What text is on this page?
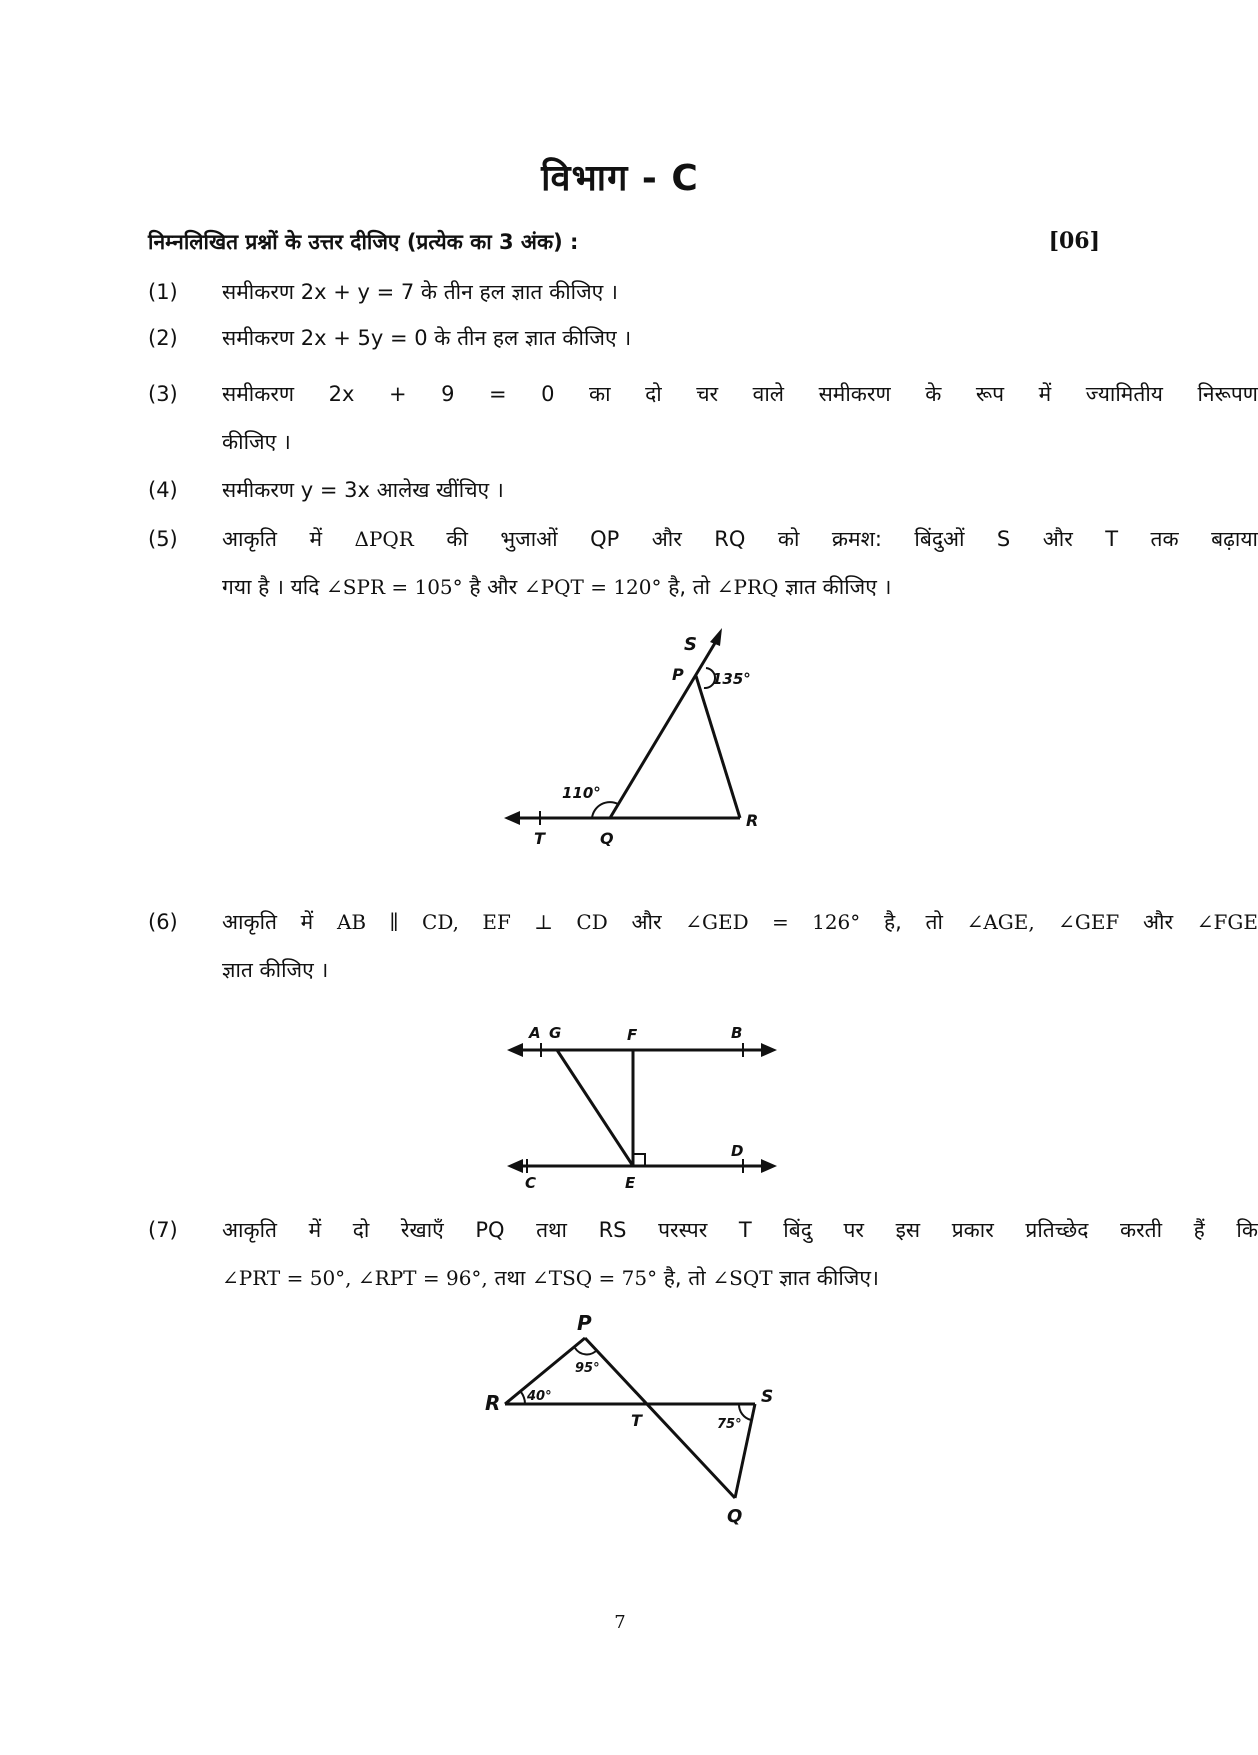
विभाग - C
निम्नलिखित प्रश्नों के उत्तर दीजिए (प्रत्येक का 3 अंक) :	[06]
(1)	समीकरण 2x + y = 7 के तीन हल ज्ञात कीजिए ।
(2)	समीकरण 2x + 5y = 0 के तीन हल ज्ञात कीजिए ।
(3)	समीकरण 2x + 9 = 0 का दो चर वाले समीकरण के रूप में ज्यामितीय निरूपण
कीजिए ।
(4)	समीकरण y = 3x आलेख खींचिए ।
(5)	आकृति में ΔPQR की भुजाओं QP और RQ को क्रमश: बिंदुओं S और T तक बढ़ाया
गया है । यदि ∠SPR = 105° है और ∠PQT = 120° है, तो ∠PRQ ज्ञात कीजिए ।
S
P 135°
110°
Q
R
T
(6)	आकृति में AB ∥ CD, EF ⊥ CD और ∠GED = 126° है, तो ∠AGE, ∠GEF और ∠FGE
ज्ञात कीजिए ।
A G	F	B
C	E
D
(7)	आकृति में दो रेखाएँ PQ तथा RS परस्पर T बिंदु पर इस प्रकार प्रतिच्छेद करती हैं कि
∠PRT = 50°, ∠RPT = 96°, तथा ∠TSQ = 75° है, तो ∠SQT ज्ञात कीजिए।
P
95°
R 40°
T
S
75°
Q
7
